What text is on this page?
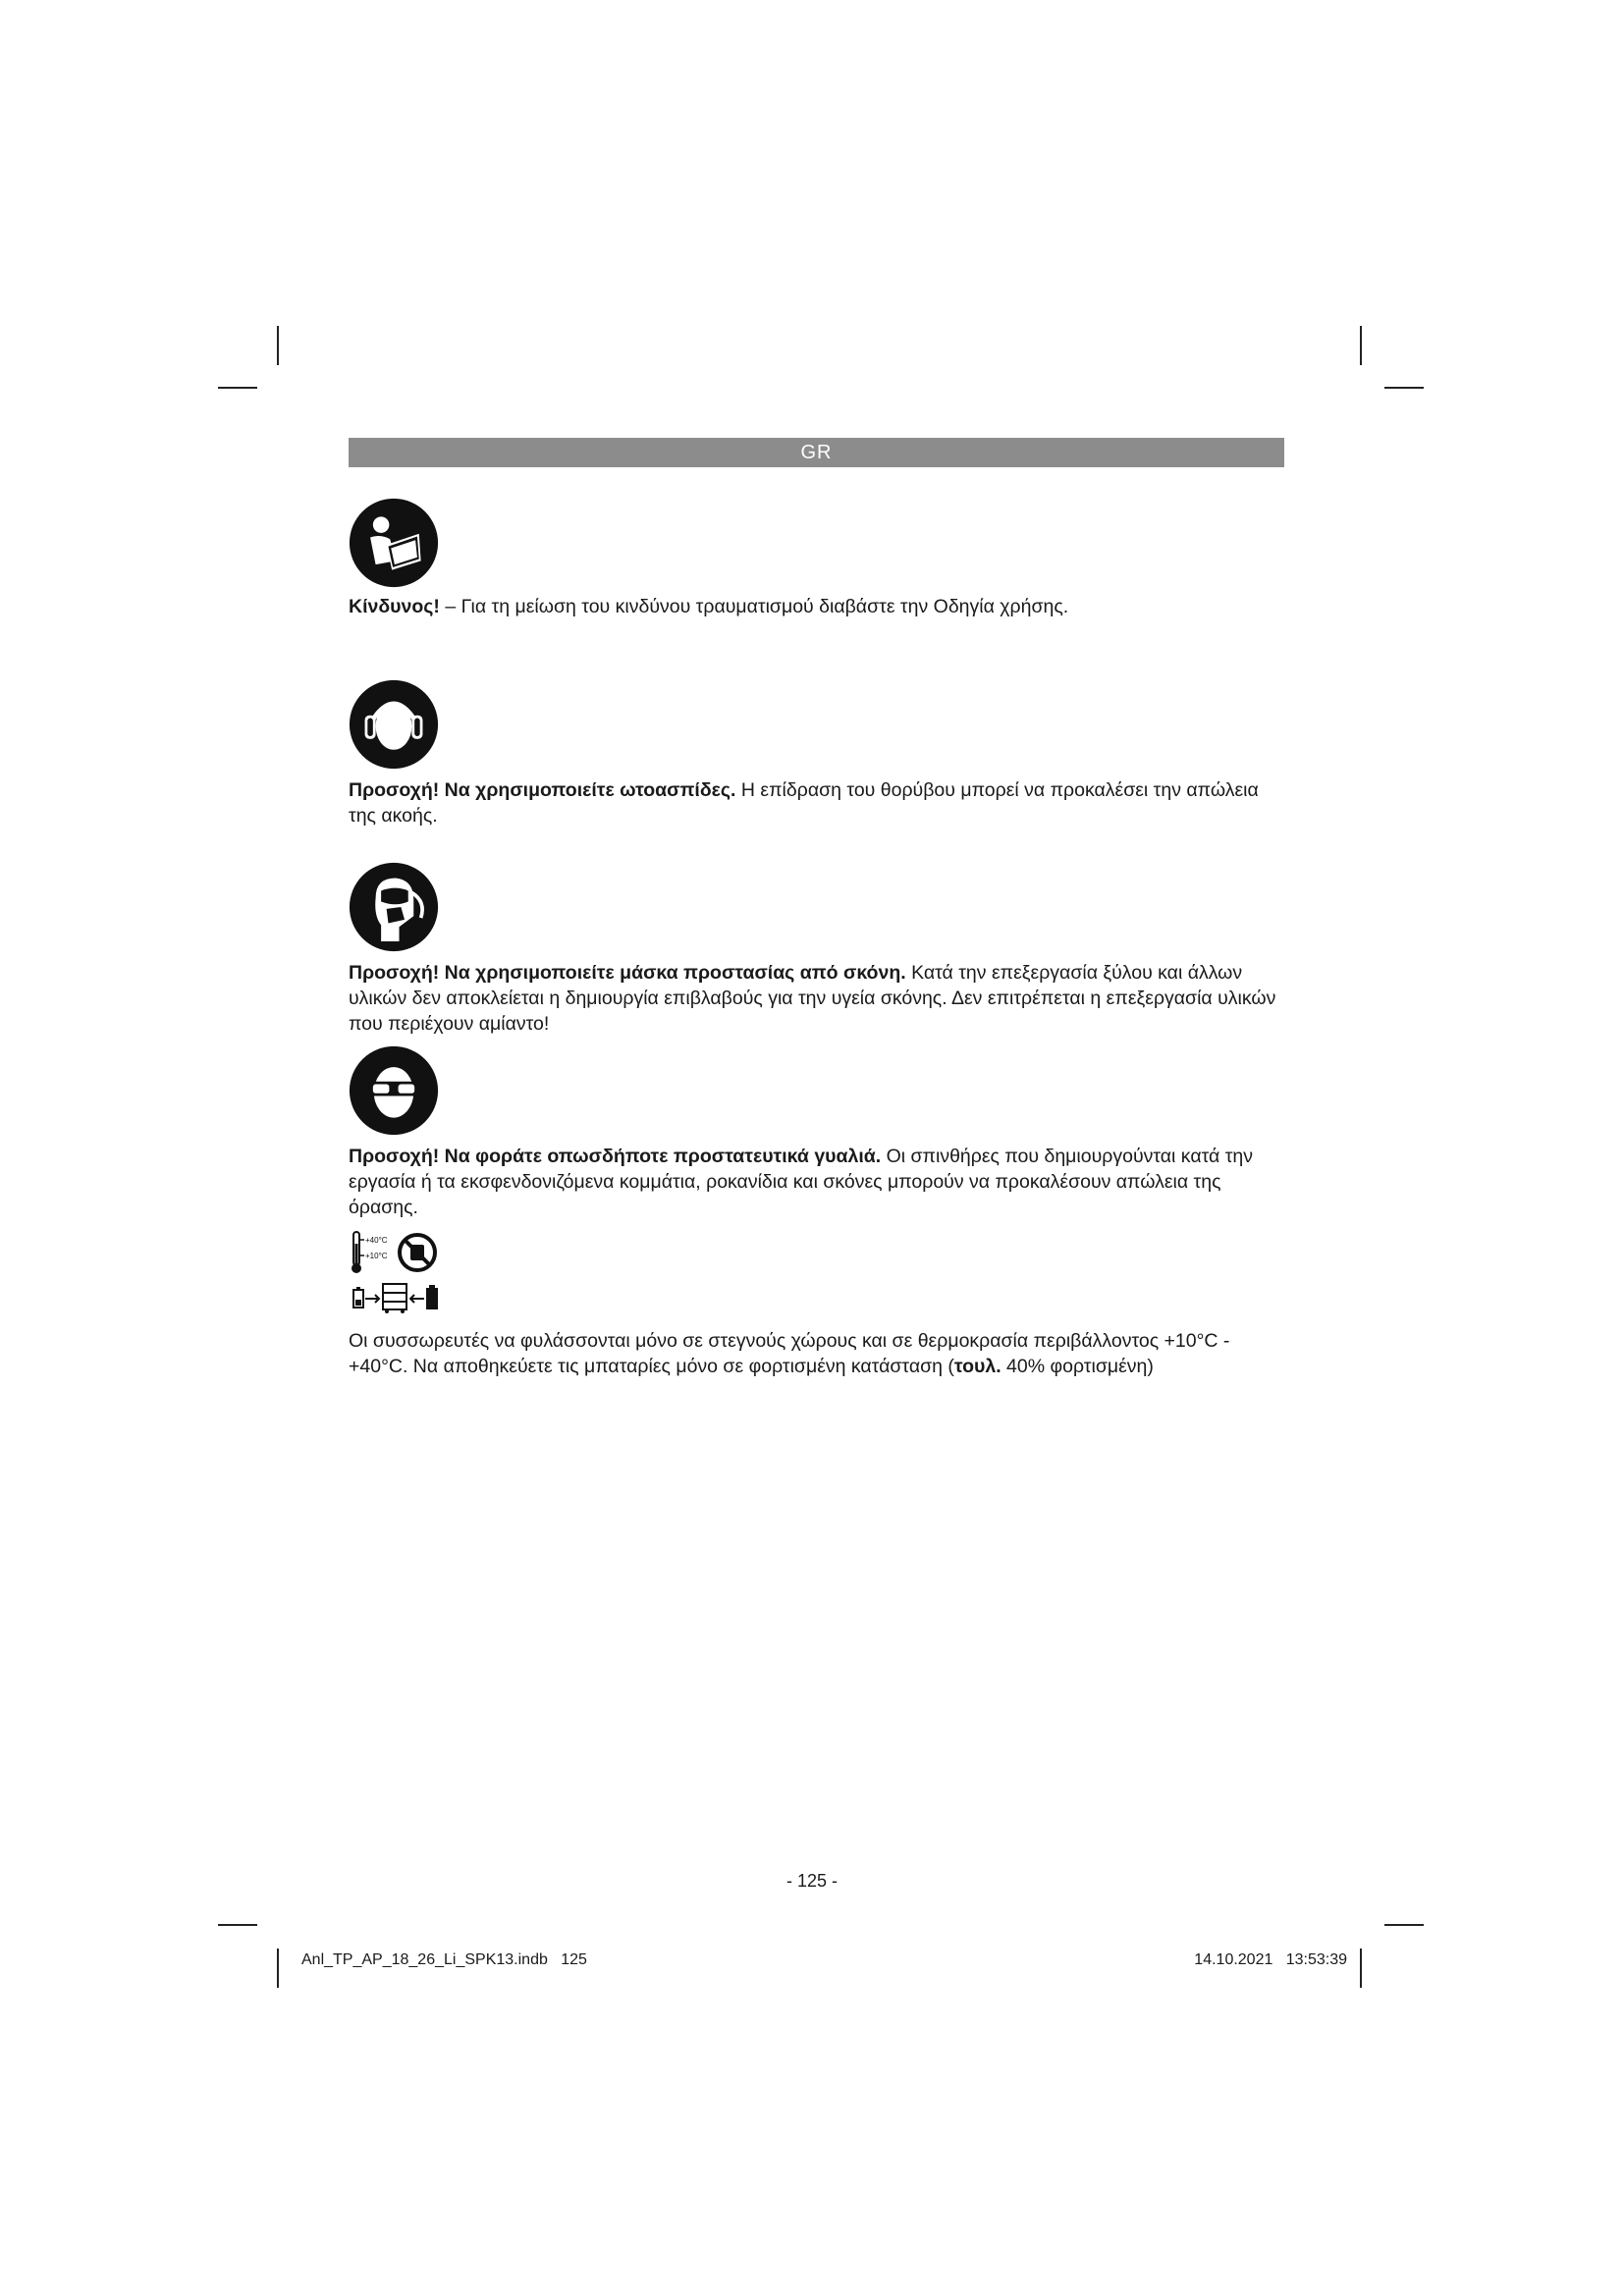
GR

Κίνδυνος! – Για τη μείωση του κινδύνου τραυματισμού διαβάστε την Οδηγία χρήσης.

Προσοχή! Να χρησιμοποιείτε ωτοασπίδες. Η επίδραση του θορύβου μπορεί να προκαλέσει την απώλεια της ακοής.

Προσοχή! Να χρησιμοποιείτε μάσκα προστασίας από σκόνη. Κατά την επεξεργασία ξύλου και άλλων υλικών δεν αποκλείεται η δημιουργία επιβλαβούς για την υγεία σκόνης. Δεν επιτρέπεται η επεξεργασία υλικών που περιέχουν αμίαντο!

Προσοχή! Να φοράτε οπωσδήποτε προστατευτικά γυαλιά. Οι σπινθήρες που δημιουργούνται κατά την εργασία ή τα εκσφενδονιζόμενα κομμάτια, ροκανίδια και σκόνες μπορούν να προκαλέσουν απώλεια της όρασης.

+40°C
+10°C

Οι συσσωρευτές να φυλάσσονται μόνο σε στεγνούς χώρους και σε θερμοκρασία περιβάλλοντος +10°C - +40°C. Να αποθηκεύετε τις μπαταρίες μόνο σε φορτισμένη κατάσταση (τουλ. 40% φορτισμένη)

- 125 -
Anl_TP_AP_18_26_Li_SPK13.indb   125	14.10.2021   13:53:39
